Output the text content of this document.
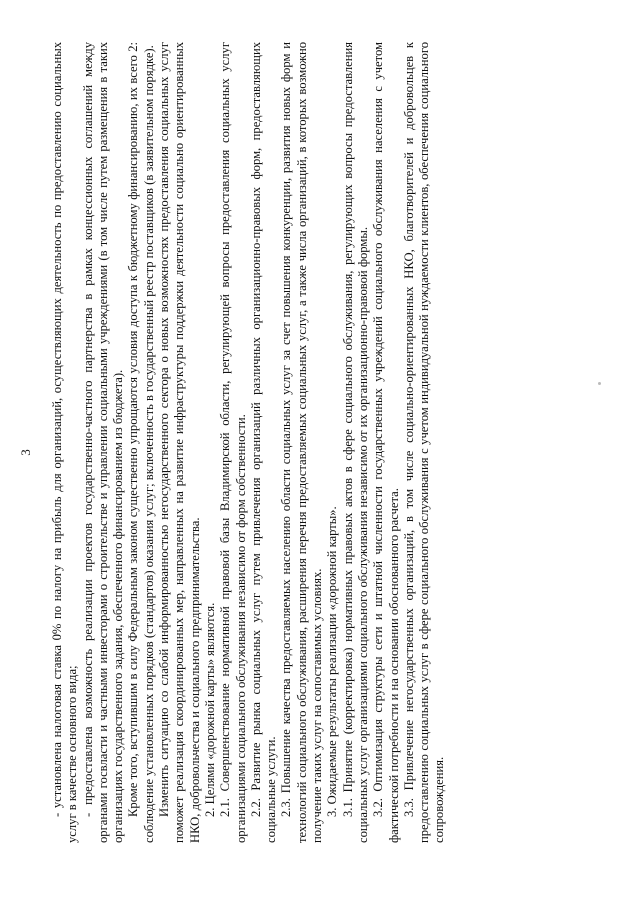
3 - установлена налоговая ставка 0% по налогу на прибыль для организаций, осуществляющих деятельность по предоставлению социальных услуг в качестве основного вида; - предоставлена возможность реализации проектов государственно-частного партнерства в рамках концессионных соглашений между органами госвласти и частными инвесторами о строительстве и управлении социальными учреждениями (в том числе путем размещения в таких организациях государственного задания, обеспеченного финансированием из бюджета). Кроме того, вступившим в силу Федеральным законом существенно упрощаются условия доступа к бюджетному финансированию, их всего 2: соблюдение установленных порядков (стандартов) оказания услуг; включенность в государственный реестр поставщиков (в заявительном порядке). Изменить ситуацию со слабой информированностью негосударственного сектора о новых возможностях предоставления социальных услуг поможет реализация скоординированных мер, направленных на развитие инфраструктуры поддержки деятельности социально ориентированных НКО, добровольчества и социального предпринимательства. 2. Целями «дорожной карты» являются. 2.1. Совершенствование нормативной правовой базы Владимирской области, регулирующей вопросы предоставления социальных услуг организациями социального обслуживания независимо от форм собственности. 2.2. Развитие рынка социальных услуг путем привлечения организаций различных организационно-правовых форм, предоставляющих социальные услуги. 2.3. Повышение качества предоставляемых населению области социальных услуг за счет повышения конкуренции, развития новых форм и технологий социального обслуживания, расширения перечня предоставляемых социальных услуг, а также числа организаций, в которых возможно получение таких услуг на сопоставимых условиях. 3. Ожидаемые результаты реализации «дорожной карты». 3.1. Принятие (корректировка) нормативных правовых актов в сфере социального обслуживания, регулирующих вопросы предоставления социальных услуг организациями социального обслуживания независимо от их организационно-правовой формы. 3.2. Оптимизация структуры сети и штатной численности государственных учреждений социального обслуживания населения с учетом фактической потребности и на основании обоснованного расчета. 3.3. Привлечение негосударственных организаций, в том числе социально-ориентированных НКО, благотворителей и добровольцев к предоставлению социальных услуг в сфере социального обслуживания с учетом индивидуальной нуждаемости клиентов, обеспечения социального сопровождения.
